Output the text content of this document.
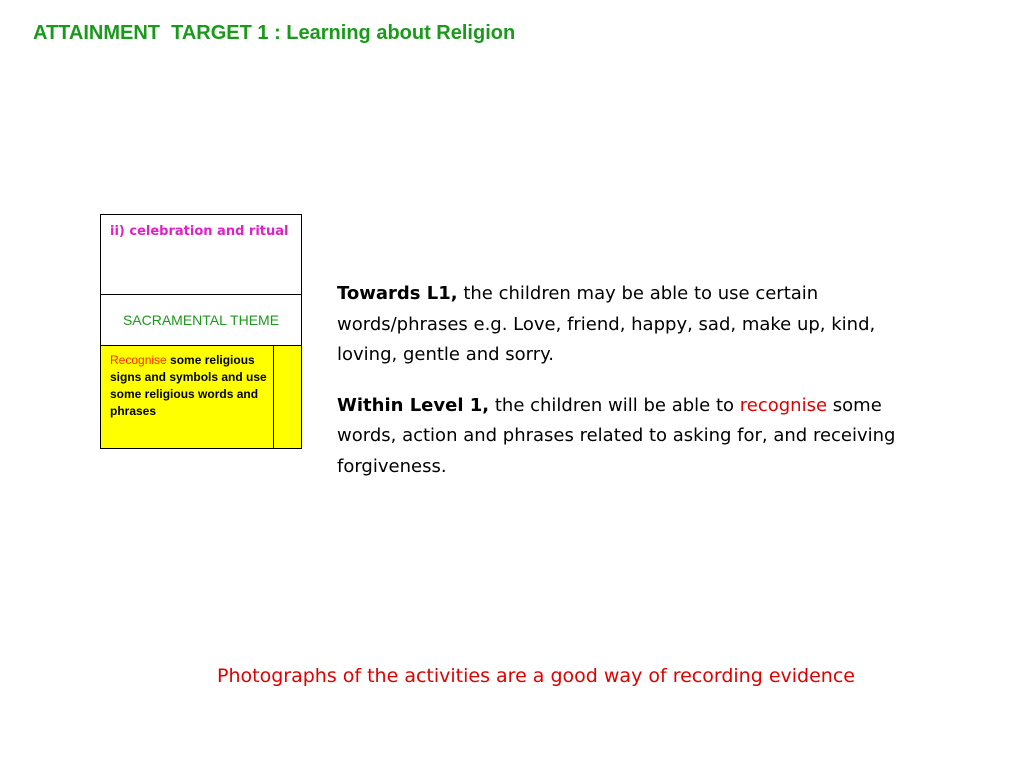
ATTAINMENT  TARGET 1 : Learning about Religion
ii) celebration and ritual
SACRAMENTAL THEME
Recognise some religious signs and symbols and use some religious words and phrases	

Towards L1, the children may be able to use certain words/phrases e.g. Love, friend, happy, sad, make up, kind, loving, gentle and sorry.

Within Level 1, the children will be able to recognise some words, action and phrases related to asking for, and receiving forgiveness.

Photographs of the activities are a good way of recording evidence
